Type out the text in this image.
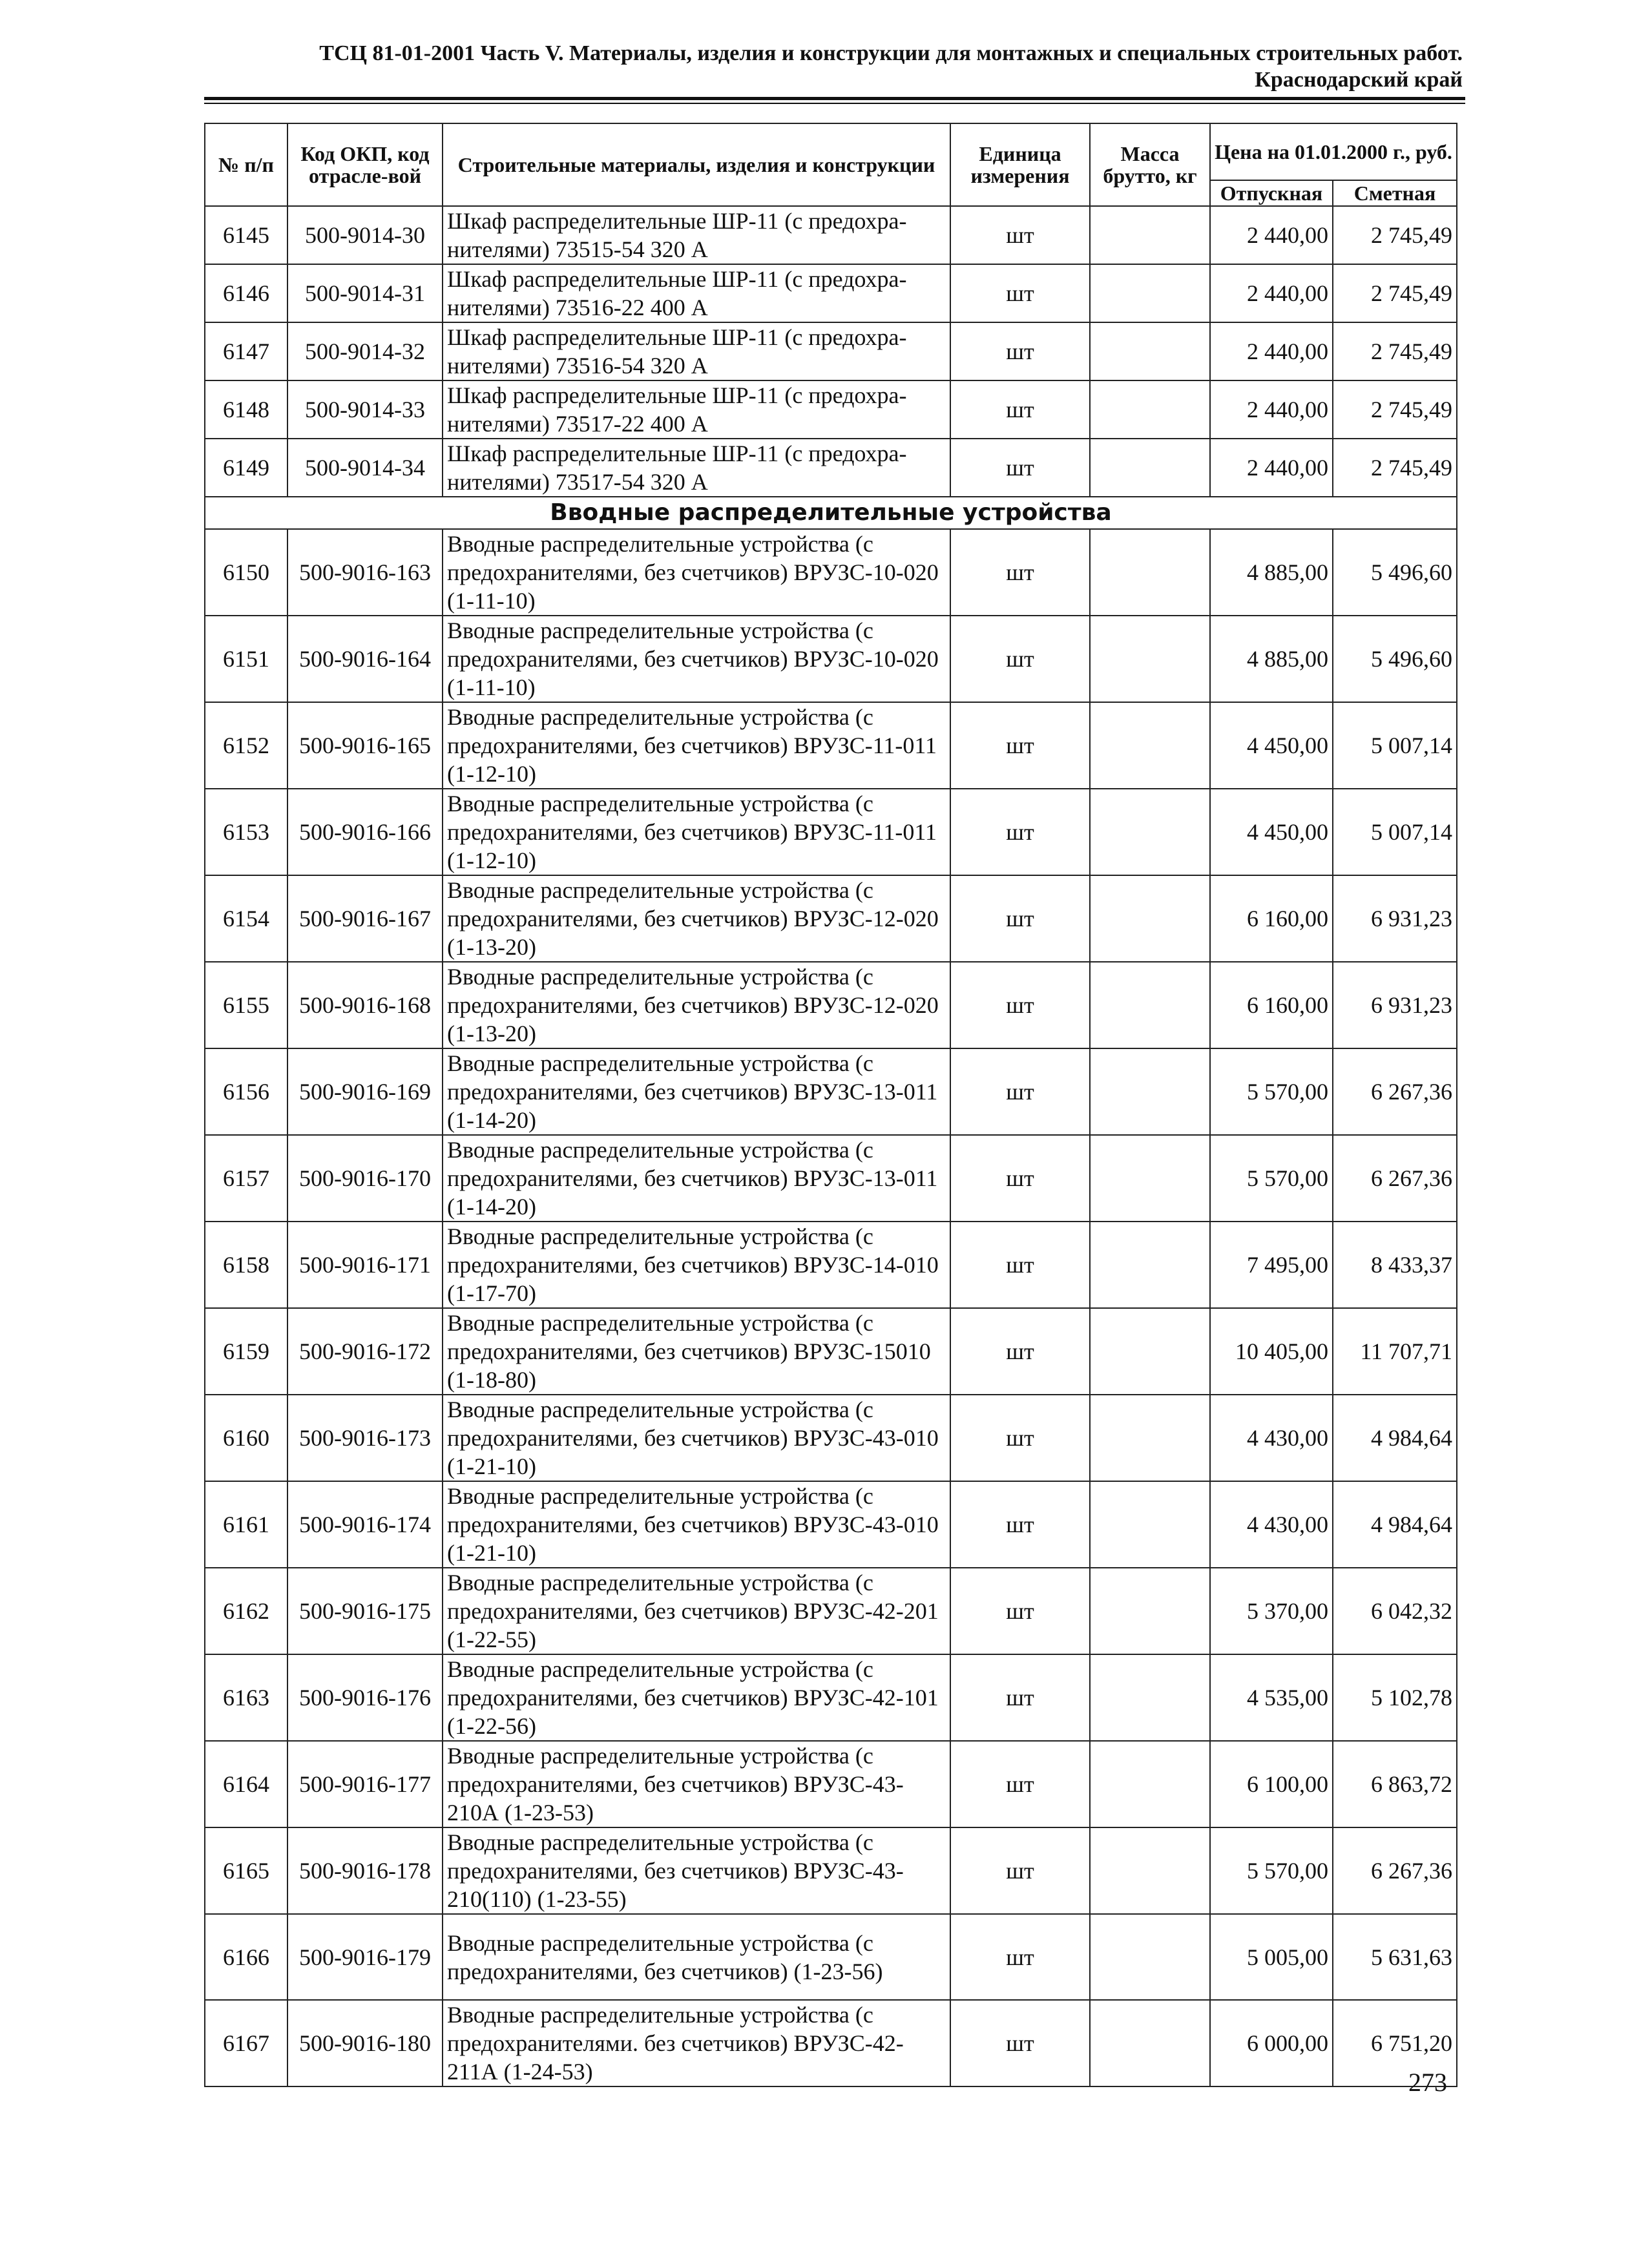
ТСЦ 81-01-2001 Часть V. Материалы, изделия и конструкции для монтажных и специальных строительных работ.
Краснодарский край
№ п/п	Код ОКП, код отрасле-вой	Строительные материалы, изделия и конструкции	Единица измерения	Масса брутто, кг	Цена на 01.01.2000 г., руб.	
					Отпускная	Сметная
6145	500-9014-30	Шкаф распределительные ШР-11 (с предохра-нителями) 73515-54 320 А	шт		2 440,00	2 745,49
6146	500-9014-31	Шкаф распределительные ШР-11 (с предохра-нителями) 73516-22 400 А	шт		2 440,00	2 745,49
6147	500-9014-32	Шкаф распределительные ШР-11 (с предохра-нителями) 73516-54 320 А	шт		2 440,00	2 745,49
6148	500-9014-33	Шкаф распределительные ШР-11 (с предохра-нителями) 73517-22 400 А	шт		2 440,00	2 745,49
6149	500-9014-34	Шкаф распределительные ШР-11 (с предохра-нителями) 73517-54 320 А	шт		2 440,00	2 745,49
Вводные распределительные устройства						
6150	500-9016-163	Вводные распределительные устройства (с предохранителями, без счетчиков) ВРУЗС-10-020 (1-11-10)	шт		4 885,00	5 496,60
6151	500-9016-164	Вводные распределительные устройства (с предохранителями, без счетчиков) ВРУЗС-10-020 (1-11-10)	шт		4 885,00	5 496,60
6152	500-9016-165	Вводные распределительные устройства (с предохранителями, без счетчиков) ВРУЗС-11-011 (1-12-10)	шт		4 450,00	5 007,14
6153	500-9016-166	Вводные распределительные устройства (с предохранителями, без счетчиков) ВРУЗС-11-011 (1-12-10)	шт		4 450,00	5 007,14
6154	500-9016-167	Вводные распределительные устройства (с предохранителями, без счетчиков) ВРУЗС-12-020 (1-13-20)	шт		6 160,00	6 931,23
6155	500-9016-168	Вводные распределительные устройства (с предохранителями, без счетчиков) ВРУЗС-12-020 (1-13-20)	шт		6 160,00	6 931,23
6156	500-9016-169	Вводные распределительные устройства (с предохранителями, без счетчиков) ВРУЗС-13-011 (1-14-20)	шт		5 570,00	6 267,36
6157	500-9016-170	Вводные распределительные устройства (с предохранителями, без счетчиков) ВРУЗС-13-011 (1-14-20)	шт		5 570,00	6 267,36
6158	500-9016-171	Вводные распределительные устройства (с предохранителями, без счетчиков) ВРУЗС-14-010 (1-17-70)	шт		7 495,00	8 433,37
6159	500-9016-172	Вводные распределительные устройства (с предохранителями, без счетчиков) ВРУЗС-15010 (1-18-80)	шт		10 405,00	11 707,71
6160	500-9016-173	Вводные распределительные устройства (с предохранителями, без счетчиков) ВРУЗС-43-010 (1-21-10)	шт		4 430,00	4 984,64
6161	500-9016-174	Вводные распределительные устройства (с предохранителями, без счетчиков) ВРУЗС-43-010 (1-21-10)	шт		4 430,00	4 984,64
6162	500-9016-175	Вводные распределительные устройства (с предохранителями, без счетчиков) ВРУЗС-42-201 (1-22-55)	шт		5 370,00	6 042,32
6163	500-9016-176	Вводные распределительные устройства (с предохранителями, без счетчиков) ВРУЗС-42-101 (1-22-56)	шт		4 535,00	5 102,78
6164	500-9016-177	Вводные распределительные устройства (с предохранителями, без счетчиков) ВРУЗС-43-210А (1-23-53)	шт		6 100,00	6 863,72
6165	500-9016-178	Вводные распределительные устройства (с предохранителями, без счетчиков) ВРУЗС-43-210(110) (1-23-55)	шт		5 570,00	6 267,36
6166	500-9016-179	Вводные распределительные устройства (с предохранителями, без счетчиков) (1-23-56)	шт		5 005,00	5 631,63
6167	500-9016-180	Вводные распределительные устройства (с предохранителями. без счетчиков) ВРУЗС-42-211А (1-24-53)	шт		6 000,00	6 751,20
273
